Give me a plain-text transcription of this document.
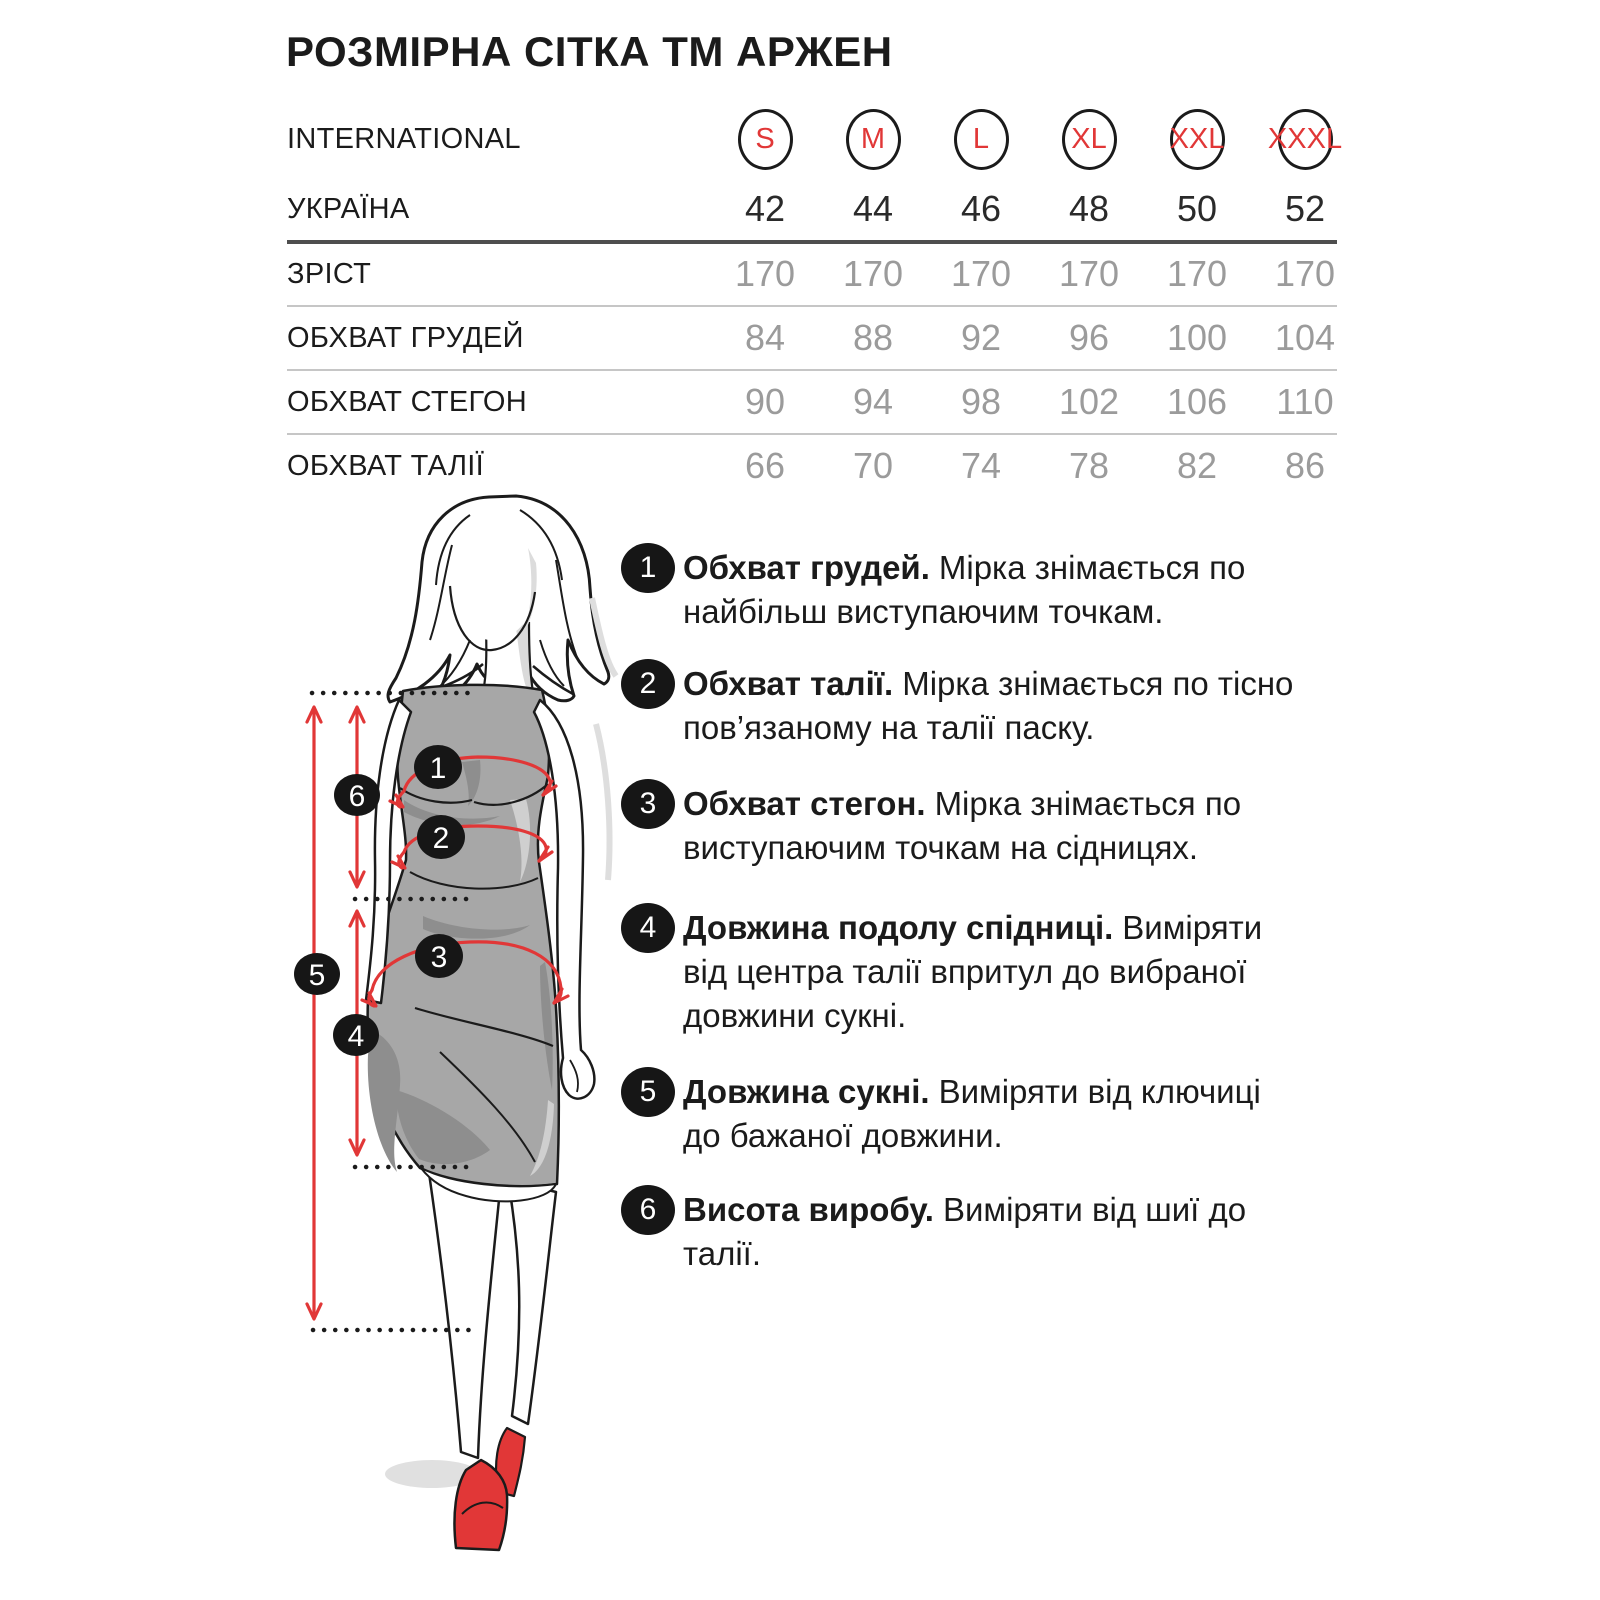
РОЗМІРНА СІТКА ТМ АРЖЕН
INTERNATIONAL	S	M	L	XL XXL XXXL
УКРАЇНА	42	44	46	48	50	52
ЗРІСТ	170	170	170	170	170	170
ОБХВАТ ГРУДЕЙ	84	88	92	96	100	104
ОБХВАТ СТЕГОН	90	94	98	102	106	110
ОБХВАТ ТАЛІЇ	66	70	74	78	82	86
1
2
3
4
5
6
1 Обхват грудей. Мірка знімається по найбільш виступаючим точкам.
2 Обхват талії. Мірка знімається по тісно пов’язаному на талії паску.
3 Обхват стегон. Мірка знімається по виступаючим точкам на сідницях.
4 Довжина подолу спідниці. Виміряти від центра талії впритул до вибраної довжини сукні.
5 Довжина сукні. Виміряти від ключиці до бажаної довжини.
6 Висота виробу. Виміряти від шиї до талії.
